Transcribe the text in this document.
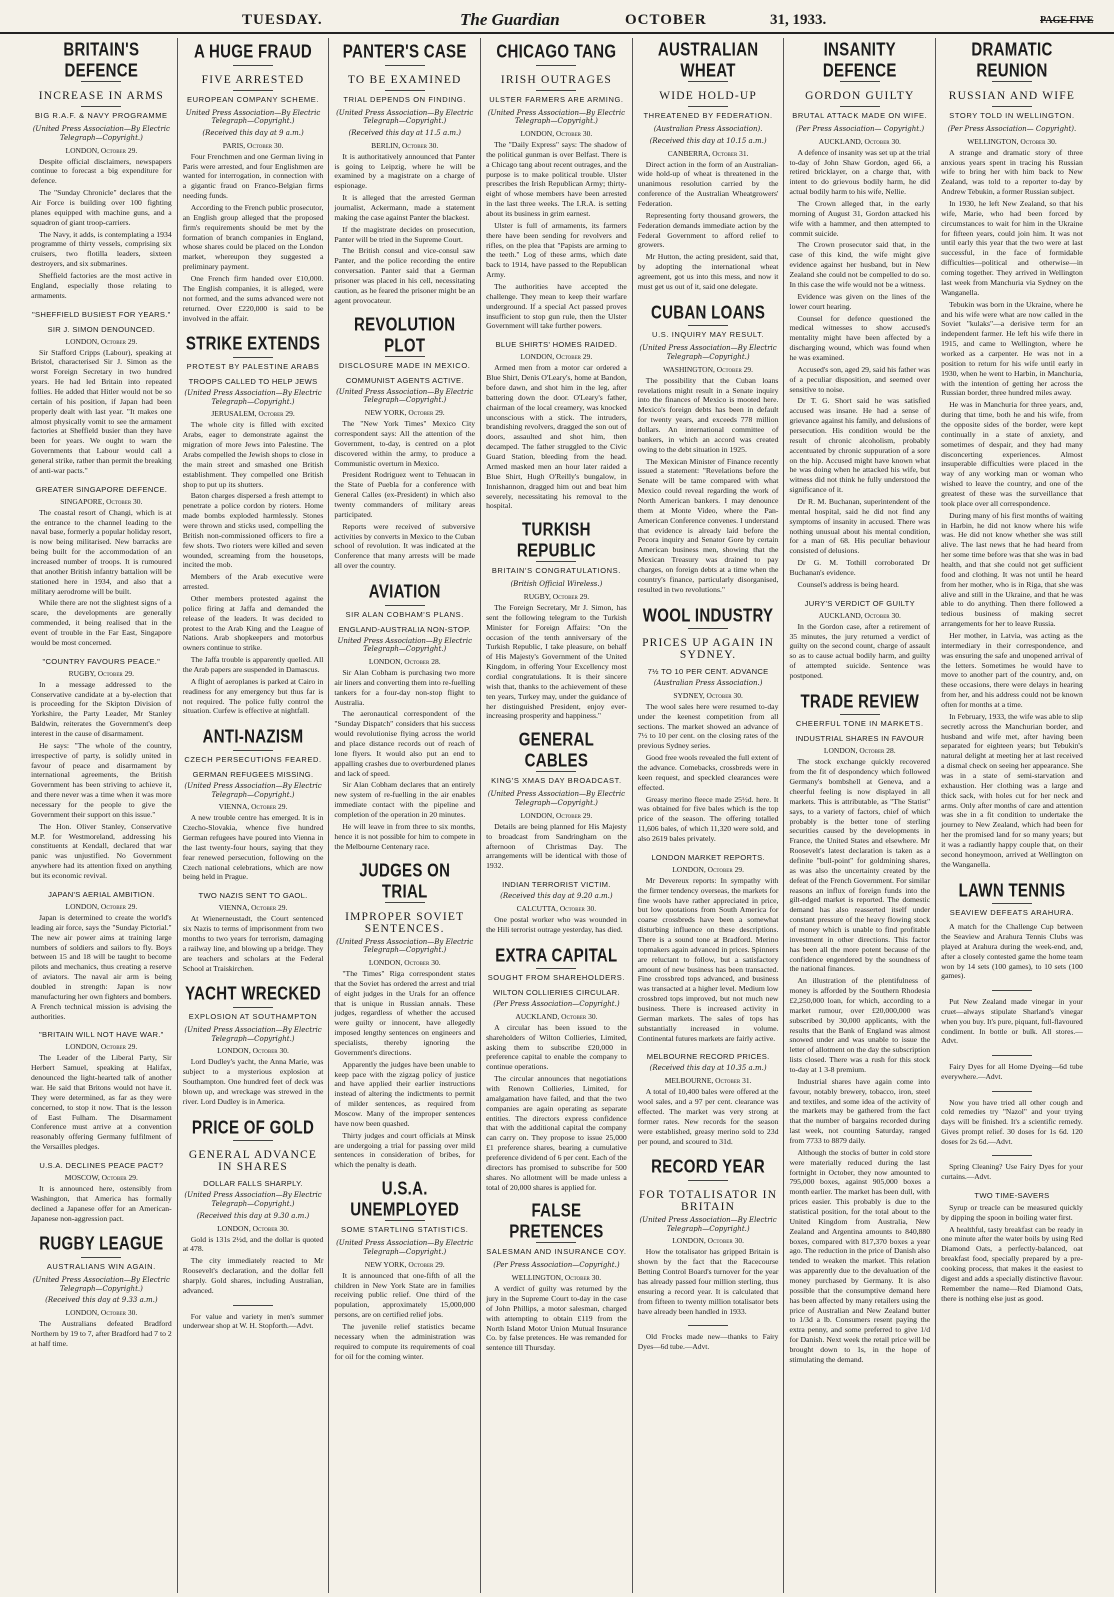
TUESDAY.	The Guardian	OCTOBER	31, 1933.	PAGE FIVE
BRITAIN'S DEFENCE
INCREASE IN ARMS
BIG R.A.F. & NAVY PROGRAMME
(United Press Association—By Electric Telegraph—Copyright.)
LONDON, October 29.

Despite official disclaimers, newspapers continue to forecast a big expenditure for defence.

The "Sunday Chronicle" declares that the Air Force is building over 100 fighting planes equipped with machine guns, and a squadron of giant troop-carriers.

The Navy, it adds, is contemplating a 1934 programme of thirty vessels, comprising six cruisers, two flotilla leaders, sixteen destroyers, and six submarines.

Sheffield factories are the most active in England, especially those relating to armaments.

"SHEFFIELD BUSIEST FOR YEARS."
SIR J. SIMON DENOUNCED.
LONDON, October 29.

Sir Stafford Cripps (Labour), speaking at Bristol, characterised Sir J. Simon as the worst Foreign Secretary in two hundred years. He had led Britain into repeated follies. He added that Hitler would not be so certain of his position, if Japan had been properly dealt with last year. "It makes one almost physically vomit to see the armament factories at Sheffield busier than they have been for years. We ought to warn the Governments that Labour would call a general strike, rather than permit the breaking of anti-war pacts."

GREATER SINGAPORE DEFENCE.
SINGAPORE, October 30.

The coastal resort of Changi, which is at the entrance to the channel leading to the naval base, formerly a popular holiday resort, is now being militarised. New barracks are being built for the accommodation of an increased number of troops. It is rumoured that another British infantry battalion will be stationed here in 1934, and also that a military aerodrome will be built.

While there are not the slightest signs of a scare, the developments are generally commended, it being realised that in the event of trouble in the Far East, Singapore would be most concerned.

"COUNTRY FAVOURS PEACE."
RUGBY, October 29.

In a message addressed to the Conservative candidate at a by-election that is proceeding for the Skipton Division of Yorkshire, the Party Leader, Mr Stanley Baldwin, reiterates the Government's deep interest in the cause of disarmament.

He says: "The whole of the country, irrespective of party, is solidly united in favour of peace and disarmament by international agreements, the British Government has been striving to achieve it, and there never was a time when it was more necessary for the people to give the Government their support on this issue."

The Hon. Oliver Stanley, Conservative M.P. for Westmoreland, addressing his constituents at Kendall, declared that war panic was unjustified. No Government anywhere had its attention fixed on anything but its economic revival.

JAPAN'S AERIAL AMBITION.
LONDON, October 29.

Japan is determined to create the world's leading air force, says the "Sunday Pictorial." The new air power aims at training large numbers of soldiers and sailors to fly. Boys between 15 and 18 will be taught to become pilots and mechanics, thus creating a reserve of aviators. The naval air arm is being doubled in strength: Japan is now manufacturing her own fighters and bombers. A French technical mission is advising the authorities.

"BRITAIN WILL NOT HAVE WAR."
LONDON, October 29.

The Leader of the Liberal Party, Sir Herbert Samuel, speaking at Halifax, denounced the light-hearted talk of another war. He said that Britons would not have it. They were determined, as far as they were concerned, to stop it now. That is the lesson of East Fulham. The Disarmament Conference must arrive at a convention reasonably offering Germany fulfilment of the Versailles pledges.

U.S.A. DECLINES PEACE PACT?
MOSCOW, October 29.

It is announced here, ostensibly from Washington, that America has formally declined a Japanese offer for an American-Japanese non-aggression pact.

RUGBY LEAGUE
AUSTRALIANS WIN AGAIN.
(United Press Association—By Electric Telegraph—Copyright.)
(Received this day at 9.33 a.m.)
LONDON, October 30.

The Australians defeated Bradford Northern by 19 to 7, after Bradford had 7 to 2 at half time.

A HUGE FRAUD
FIVE ARRESTED
EUROPEAN COMPANY SCHEME.
United Press Association—By Electric Telegraph—Copyright.)
(Received this day at 9 a.m.)
PARIS, October 30.

Four Frenchmen and one German living in Paris were arrested, and four Englishmen are wanted for interrogation, in connection with a gigantic fraud on Franco-Belgian firms needing funds.

According to the French public prosecutor, an English group alleged that the proposed firm's requirements should be met by the formation of branch companies in England, whose shares could be placed on the London market, whereupon they suggested a preliminary payment.

One French firm handed over £10,000. The English companies, it is alleged, were not formed, and the sums advanced were not returned. Over £220,000 is said to be involved in the affair.

STRIKE EXTENDS
PROTEST BY PALESTINE ARABS
TROOPS CALLED TO HELP JEWS
(United Press Association—By Electric Telegraph—Copyright.)
JERUSALEM, October 29.

The whole city is filled with excited Arabs, eager to demonstrate against the migration of more Jews into Palestine. The Arabs compelled the Jewish shops to close in the main street and smashed one British establishment. They compelled one British shop to put up its shutters.

Baton charges dispersed a fresh attempt to penetrate a police cordon by rioters. Home made bombs exploded harmlessly. Stones were thrown and sticks used, compelling the British non-commissioned officers to fire a few shots. Two rioters were killed and seven wounded, screaming from the housetops, incited the mob.

Members of the Arab executive were arrested.

Other members protested against the police firing at Jaffa and demanded the release of the leaders. It was decided to protest to the Arab King and the League of Nations. Arab shopkeepers and motorbus owners continue to strike.

The Jaffa trouble is apparently quelled. All the Arab papers are suspended in Damascus.

A flight of aeroplanes is parked at Cairo in readiness for any emergency but thus far is not required. The police fully control the situation. Curfew is effective at nightfall.

ANTI-NAZISM
CZECH PERSECUTIONS FEARED.
GERMAN REFUGEES MISSING.
(United Press Association—By Electric Telegraph—Copyright.)
VIENNA, October 29.

A new trouble centre has emerged. It is in Czecho-Slovakia, whence five hundred German refugees have poured into Vienna in the last twenty-four hours, saying that they fear renewed persecution, following on the Czech national celebrations, which are now being held in Prague.

TWO NAZIS SENT TO GAOL.
VIENNA, October 29.

At Wienerneustadt, the Court sentenced six Nazis to terms of imprisonment from two months to two years for terrorism, damaging a railway line, and blowing up a bridge. They are teachers and scholars at the Federal School at Traiskirchen.

YACHT WRECKED
EXPLOSION AT SOUTHAMPTON
(United Press Association—By Electric Telegraph—Copyright.)
LONDON, October 30.

Lord Dudley's yacht, the Anna Marie, was subject to a mysterious explosion at Southampton. One hundred feet of deck was blown up, and wreckage was strewed in the river. Lord Dudley is in America.

PRICE OF GOLD
GENERAL ADVANCE IN SHARES
DOLLAR FALLS SHARPLY.
(United Press Association—By Electric Telegraph—Copyright.)
(Received this day at 9.30 a.m.)
LONDON, October 30.

Gold is 131s 2½d, and the dollar is quoted at 478.

The city immediately reacted to Mr Roosevelt's declaration, and the dollar fell sharply. Gold shares, including Australian, advanced.

For value and variety in men's summer underwear shop at W. H. Stopforth.—Advt.

PANTER'S CASE
TO BE EXAMINED
TRIAL DEPENDS ON FINDING.
(United Press Association—By Electric Telegraph—Copyright.)
(Received this day at 11.5 a.m.)
BERLIN, October 30.

It is authoritatively announced that Panter is going to Leipzig, where he will be examined by a magistrate on a charge of espionage.

It is alleged that the arrested German journalist, Ackermann, made a statement making the case against Panter the blackest.

If the magistrate decides on prosecution, Panter will be tried in the Supreme Court.

The British consul and vice-consul saw Panter, and the police recording the entire conversation. Panter said that a German prisoner was placed in his cell, necessitating caution, as he feared the prisoner might be an agent provocateur.

REVOLUTION PLOT
DISCLOSURE MADE IN MEXICO.
COMMUNIST AGENTS ACTIVE.
(United Press Association—By Electric Telegraph—Copyright.)
NEW YORK, October 29.

The "New York Times" Mexico City correspondent says: All the attention of the Government, to-day, is centred on a plot discovered within the army, to produce a Communistic overturn in Mexico.

President Rodriguez went to Tehuacan in the State of Puebla for a conference with General Calles (ex-President) in which also twenty commanders of military areas participated.

Reports were received of subversive activities by converts in Mexico to the Cuban school of revolution. It was indicated at the Conference that many arrests will be made all over the country.

AVIATION
SIR ALAN COBHAM'S PLANS.
ENGLAND-AUSTRALIA NON-STOP.
United Press Association—By Electric Telegraph—Copyright.)
LONDON, October 28.

Sir Alan Cobham is purchasing two more air liners and converting them into re-fuelling tankers for a four-day non-stop flight to Australia.

The aeronautical correspondent of the "Sunday Dispatch" considers that his success would revolutionise flying across the world and place distance records out of reach of lone flyers. It would also put an end to appalling crashes due to overburdened planes and lack of speed.

Sir Alan Cobham declares that an entirely new system of re-fuelling in the air enables immediate contact with the pipeline and completion of the operation in 20 minutes.

He will leave in from three to six months, hence it is not possible for him to compete in the Melbourne Centenary race.

JUDGES ON TRIAL
IMPROPER SOVIET SENTENCES.
(United Press Association—By Electric Telegraph—Copyright.)
LONDON, October 30.

"The Times" Riga correspondent states that the Soviet has ordered the arrest and trial of eight judges in the Urals for an offence that is unique in Russian annals. These judges, regardless of whether the accused were guilty or innocent, have allegedly imposed lengthy sentences on engineers and specialists, thereby ignoring the Government's directions.

Apparently the judges have been unable to keep pace with the zigzag policy of justice and have applied their earlier instructions instead of altering the indictments to permit of milder sentences, as required from Moscow. Many of the improper sentences have now been quashed.

Thirty judges and court officials at Minsk are undergoing a trial for passing over mild sentences in consideration of bribes, for which the penalty is death.

U.S.A. UNEMPLOYED
SOME STARTLING STATISTICS.
(United Press Association—By Electric Telegraph—Copyright.)
NEW YORK, October 29.

It is announced that one-fifth of all the children in New York State are in families receiving public relief. One third of the population, approximately 15,000,000 persons, are on certified relief jobs.

The juvenile relief statistics became necessary when the administration was required to compute its requirements of coal for oil for the coming winter.

CHICAGO TANG
IRISH OUTRAGES
ULSTER FARMERS ARE ARMING.
(United Press Association—By Electric Telegraph—Copyright.)
LONDON, October 30.

The "Daily Express" says: The shadow of the political gunman is over Belfast. There is a Chicago tang about recent outrages, and the purpose is to make political trouble. Ulster prescribes the Irish Republican Army; thirty-eight of whose members have been arrested in the last three weeks. The I.R.A. is setting about its business in grim earnest.

Ulster is full of armaments, its farmers there have been sending for revolvers and rifles, on the plea that "Papists are arming to the teeth." Log of these arms, which date back to 1914, have passed to the Republican Army.

The authorities have accepted the challenge. They mean to keep their warfare underground. If a special Act passed proves insufficient to stop gun rule, then the Ulster Government will take further powers.

BLUE SHIRTS' HOMES RAIDED.
LONDON, October 29.

Armed men from a motor car ordered a Blue Shirt, Denis O'Leary's, home at Bandon, before dawn, and shot him in the leg, after battering down the door. O'Leary's father, chairman of the local creamery, was knocked unconscious with a stick. The intruders, brandishing revolvers, dragged the son out of doors, assaulted and shot him, then decamped. The father struggled to the Civic Guard Station, bleeding from the head. Armed masked men an hour later raided a Blue Shirt, Hugh O'Reilly's bungalow, in Innishannon, dragged him out and beat him severely, necessitating his removal to the hospital.

TURKISH REPUBLIC
BRITAIN'S CONGRATULATIONS.
(British Official Wireless.)
RUGBY, October 29.

The Foreign Secretary, Mr J. Simon, has sent the following telegram to the Turkish Minister for Foreign Affairs: "On the occasion of the tenth anniversary of the Turkish Republic, I take pleasure, on behalf of His Majesty's Government of the United Kingdom, in offering Your Excellency most cordial congratulations. It is their sincere wish that, thanks to the achievement of these ten years, Turkey may, under the guidance of her distinguished President, enjoy ever-increasing prosperity and happiness."

GENERAL CABLES
KING'S XMAS DAY BROADCAST.
(United Press Association—By Electric Telegraph—Copyright.)
LONDON, October 29.

Details are being planned for His Majesty to broadcast from Sandringham on the afternoon of Christmas Day. The arrangements will be identical with those of 1932.

INDIAN TERRORIST VICTIM.
(Received this day at 9.20 a.m.)
CALCUTTA, October 30.

One postal worker who was wounded in the Hili terrorist outrage yesterday, has died.

EXTRA CAPITAL
SOUGHT FROM SHAREHOLDERS.
WILTON COLLIERIES CIRCULAR.
(Per Press Association—Copyright.)
AUCKLAND, October 30.

A circular has been issued to the shareholders of Wilton Collieries, Limited, asking them to subscribe £20,000 in preference capital to enable the company to continue operations.

The circular announces that negotiations with Renown Collieries, Limited, for amalgamation have failed, and that the two companies are again operating as separate entities. The directors express confidence that with the additional capital the company can carry on. They propose to issue 25,000 £1 preference shares, bearing a cumulative preference dividend of 6 per cent. Each of the directors has promised to subscribe for 500 shares. No allotment will be made unless a total of 20,000 shares is applied for.

FALSE PRETENCES
SALESMAN AND INSURANCE COY.
(Per Press Association—Copyright.)
WELLINGTON, October 30.

A verdict of guilty was returned by the jury in the Supreme Court to-day in the case of John Phillips, a motor salesman, charged with attempting to obtain £119 from the North Island Motor Union Mutual Insurance Co. by false pretences. He was remanded for sentence till Thursday.

AUSTRALIAN WHEAT
WIDE HOLD-UP
THREATENED BY FEDERATION.
(Australian Press Association).
(Received this day at 10.15 a.m.)
CANBERRA, October 31.

Direct action in the form of an Australian-wide hold-up of wheat is threatened in the unanimous resolution carried by the conference of the Australian Wheatgrowers' Federation.

Representing forty thousand growers, the Federation demands immediate action by the Federal Government to afford relief to growers.

Mr Hutton, the acting president, said that, by adopting the international wheat agreement, got us into this mess, and now it must get us out of it, said one delegate.

CUBAN LOANS
U.S. INQUIRY MAY RESULT.
(United Press Association—By Electric Telegraph—Copyright.)
WASHINGTON, October 29.

The possibility that the Cuban loans revelations might result in a Senate inquiry into the finances of Mexico is mooted here. Mexico's foreign debts has been in default for twenty years, and exceeds 778 million dollars. An international committee of bankers, in which an accord was created owing to the debt situation in 1925.

The Mexican Minister of Finance recently issued a statement: "Revelations before the Senate will be tame compared with what Mexico could reveal regarding the work of North American bankers. I may denounce them at Monte Video, where the Pan-American Conference convenes. I understand that evidence is already laid before the Pecora inquiry and Senator Gore by certain American business men, showing that the Mexican Treasury was drained to pay charges, on foreign debts at a time when the country's finance, particularly disorganised, resulted in two revolutions."

WOOL INDUSTRY
PRICES UP AGAIN IN SYDNEY.
7½ TO 10 PER CENT. ADVANCE
(Australian Press Association.)
SYDNEY, October 30.

The wool sales here were resumed to-day under the keenest competition from all sections. The market showed an advance of 7½ to 10 per cent. on the closing rates of the previous Sydney series.

Good free wools revealed the full extent of the advance. Comebacks, crossbreds were in keen request, and speckled clearances were effected.

Greasy merino fleece made 25½d. here. It was obtained for five bales which is the top price of the season. The offering totalled 11,606 bales, of which 11,320 were sold, and also 2619 bales privately.

LONDON MARKET REPORTS.
LONDON, October 29.

Mr Devereux reports: In sympathy with the firmer tendency overseas, the markets for fine wools have rather appreciated in price, but low quotations from South America for coarse crossbreds have been a somewhat disturbing influence on these descriptions. There is a sound tone at Bradford. Merino topmakers again advanced in prices. Spinners are reluctant to follow, but a satisfactory amount of new business has been transacted. Fine crossbred tops advanced, and business was transacted at a higher level. Medium low crossbred tops improved, but not much new business. There is increased activity in German markets. The sales of tops has substantially increased in volume. Continental futures markets are fairly active.

MELBOURNE RECORD PRICES.
(Received this day at 10.35 a.m.)
MELBOURNE, October 31.

A total of 10,400 bales were offered at the wool sales, and a 97 per cent. clearance was effected. The market was very strong at former rates. New records for the season were established, greasy merino sold to 23d per pound, and scoured to 31d.

RECORD YEAR
FOR TOTALISATOR IN BRITAIN
(United Press Association—By Electric Telegraph—Copyright.)
LONDON, October 30.

How the totalisator has gripped Britain is shown by the fact that the Racecourse Betting Control Board's turnover for the year has already passed four million sterling, thus ensuring a record year. It is calculated that from fifteen to twenty million totalisator bets have already been handled in 1933.

Old Frocks made new—thanks to Fairy Dyes—6d tube.—Advt.

INSANITY DEFENCE
GORDON GUILTY
BRUTAL ATTACK MADE ON WIFE.
(Per Press Association— Copyright.)
AUCKLAND, October 30.

A defence of insanity was set up at the trial to-day of John Shaw Gordon, aged 66, a retired bricklayer, on a charge that, with intent to do grievous bodily harm, he did actual bodily harm to his wife, Nellie.

The Crown alleged that, in the early morning of August 31, Gordon attacked his wife with a hammer, and then attempted to commit suicide.

The Crown prosecutor said that, in the case of this kind, the wife might give evidence against her husband, but in New Zealand she could not be compelled to do so. In this case the wife would not be a witness.

Evidence was given on the lines of the lower court hearing.

Counsel for defence questioned the medical witnesses to show accused's mentality might have been affected by a discharging wound, which was found when he was examined.

Accused's son, aged 29, said his father was of a peculiar disposition, and seemed over sensitive to noise.

Dr T. G. Short said he was satisfied accused was insane. He had a sense of grievance against his family, and delusions of persecution. His condition would be the result of chronic alcoholism, probably accentuated by chronic suppuration of a sore on the hip. Accused might have known what he was doing when he attacked his wife, but witness did not think he fully understood the significance of it.

Dr R. M. Buchanan, superintendent of the mental hospital, said he did not find any symptoms of insanity in accused. There was nothing unusual about his mental condition, for a man of 68. His peculiar behaviour consisted of delusions.

Dr G. M. Tothill corroborated Dr Buchanan's evidence.

Counsel's address is being heard.

JURY'S VERDICT OF GUILTY
AUCKLAND, October 30.

In the Gordon case, after a retirement of 35 minutes, the jury returned a verdict of guilty on the second count, charge of assault so as to cause actual bodily harm, and guilty of attempted suicide. Sentence was postponed.

TRADE REVIEW
CHEERFUL TONE IN MARKETS.
INDUSTRIAL SHARES IN FAVOUR
LONDON, October 28.

The stock exchange quickly recovered from the fit of despondency which followed Germany's bombshell at Geneva, and a cheerful feeling is now displayed in all markets. This is attributable, as "The Statist" says, to a variety of factors, chief of which probably is the better tone of sterling securities caused by the developments in France, the United States and elsewhere. Mr Roosevelt's latest declaration is taken as a definite "bull-point" for goldmining shares, as was also the uncertainty created by the defeat of the French Government. For similar reasons an influx of foreign funds into the gilt-edged market is reported. The domestic demand has also reasserted itself under constant pressure of the heavy flowing stock of money which is unable to find profitable investment in other directions. This factor has been all the more potent because of the confidence engendered by the soundness of the national finances.

An illustration of the plentifulness of money is afforded by the Southern Rhodesia £2,250,000 loan, for which, according to a market rumour, over £20,000,000 was subscribed by 30,000 applicants, with the results that the Bank of England was almost snowed under and was unable to issue the letter of allotment on the day the subscription lists closed. There was a rush for this stock to-day at 1 3-8 premium.

Industrial shares have again come into favour, notably brewery, tobacco, iron, steel and textiles, and some idea of the activity of the markets may be gathered from the fact that the number of bargains recorded during last week, not counting Saturday, ranged from 7733 to 8879 daily.

Although the stocks of butter in cold store were materially reduced during the last fortnight in October, they now amounted to 795,000 boxes, against 905,000 boxes a month earlier. The market has been dull, with prices easier. This probably is due to the statistical position, for the total about to the United Kingdom from Australia, New Zealand and Argentina amounts to 840,880 boxes, compared with 817,370 boxes a year ago. The reduction in the price of Danish also tended to weaken the market. This relation was apparently due to the devaluation of the money purchased by Germany. It is also possible that the consumptive demand here has been affected by many retailers using the price of Australian and New Zealand butter to 1/3d a lb. Consumers resent paying the extra penny, and some preferred to give 1/d for Danish. Next week the retail price will be brought down to 1s, in the hope of stimulating the demand.

DRAMATIC REUNION
RUSSIAN AND WIFE
STORY TOLD IN WELLINGTON.
(Per Press Association— Copyright).
WELLINGTON, October 30.

A strange and dramatic story of three anxious years spent in tracing his Russian wife to bring her with him back to New Zealand, was told to a reporter to-day by Andrew Tebukin, a former Russian subject.

In 1930, he left New Zealand, so that his wife, Marie, who had been forced by circumstances to wait for him in the Ukraine for fifteen years, could join him. It was not until early this year that the two were at last successful, in the face of formidable difficulties—political and otherwise—in coming together. They arrived in Wellington last week from Manchuria via Sydney on the Wanganella.

Tebukin was born in the Ukraine, where he and his wife were what are now called in the Soviet "kulaks"—a derisive term for an independent farmer. He left his wife there in 1915, and came to Wellington, where he worked as a carpenter. He was not in a position to return for his wife until early in 1930, when he went to Harbin, in Manchuria, with the intention of getting her across the Russian border, three hundred miles away.

He was in Manchuria for three years, and, during that time, both he and his wife, from the opposite sides of the border, were kept continually in a state of anxiety, and sometimes of despair, and they had many disconcerting experiences. Almost insuperable difficulties were placed in the way of any working man or woman who wished to leave the country, and one of the greatest of these was the surveillance that took place over all correspondence.

During many of his first months of waiting in Harbin, he did not know where his wife was. He did not know whether she was still alive. The last news that he had heard from her some time before was that she was in bad health, and that she could not get sufficient food and clothing. It was not until he heard from her mother, who is in Riga, that she was alive and still in the Ukraine, and that he was able to do anything. Then there followed a tedious business of making secret arrangements for her to leave Russia.

Her mother, in Latvia, was acting as the intermediary in their correspondence, and was ensuring the safe and unopened arrival of the letters. Sometimes he would have to move to another part of the country, and, on these occasions, there were delays in hearing from her, and his address could not be known often for months at a time.

In February, 1933, the wife was able to slip secretly across the Manchurian border, and husband and wife met, after having been separated for eighteen years; but Tebukin's natural delight at meeting her at last received a dismal check on seeing her appearance. She was in a state of semi-starvation and exhaustion. Her clothing was a large and thick sack, with holes cut for her neck and arms. Only after months of care and attention was she in a fit condition to undertake the journey to New Zealand, which had been for her the promised land for so many years; but it was a radiantly happy couple that, on their second honeymoon, arrived at Wellington on the Wanganella.

LAWN TENNIS
SEAVIEW DEFEATS ARAHURA.

A match for the Challenge Cup between the Seaview and Arahura Tennis Clubs was played at Arahura during the week-end, and, after a closely contested game the home team won by 14 sets (100 games), to 10 sets (100 games).

Put New Zealand made vinegar in your cruet—always stipulate Sharland's vinegar when you buy. It's pure, piquant, full-flavoured condiment. In bottle or bulk. All stores.—Advt.

Fairy Dyes for all Home Dyeing—6d tube everywhere.—Advt.

Now you have tried all other cough and cold remedies try "Nazol" and your trying days will be finished. It's a scientific remedy. Gives prompt relief. 30 doses for 1s 6d. 120 doses for 2s 6d.—Advt.

Spring Cleaning? Use Fairy Dyes for your curtains.—Advt.

TWO TIME-SAVERS

Syrup or treacle can be measured quickly by dipping the spoon in boiling water first.

A healthful, tasty breakfast can be ready in one minute after the water boils by using Red Diamond Oats, a perfectly-balanced, oat breakfast food, specially prepared by a pre-cooking process, that makes it the easiest to digest and adds a specially distinctive flavour. Remember the name—Red Diamond Oats, there is nothing else just as good.
